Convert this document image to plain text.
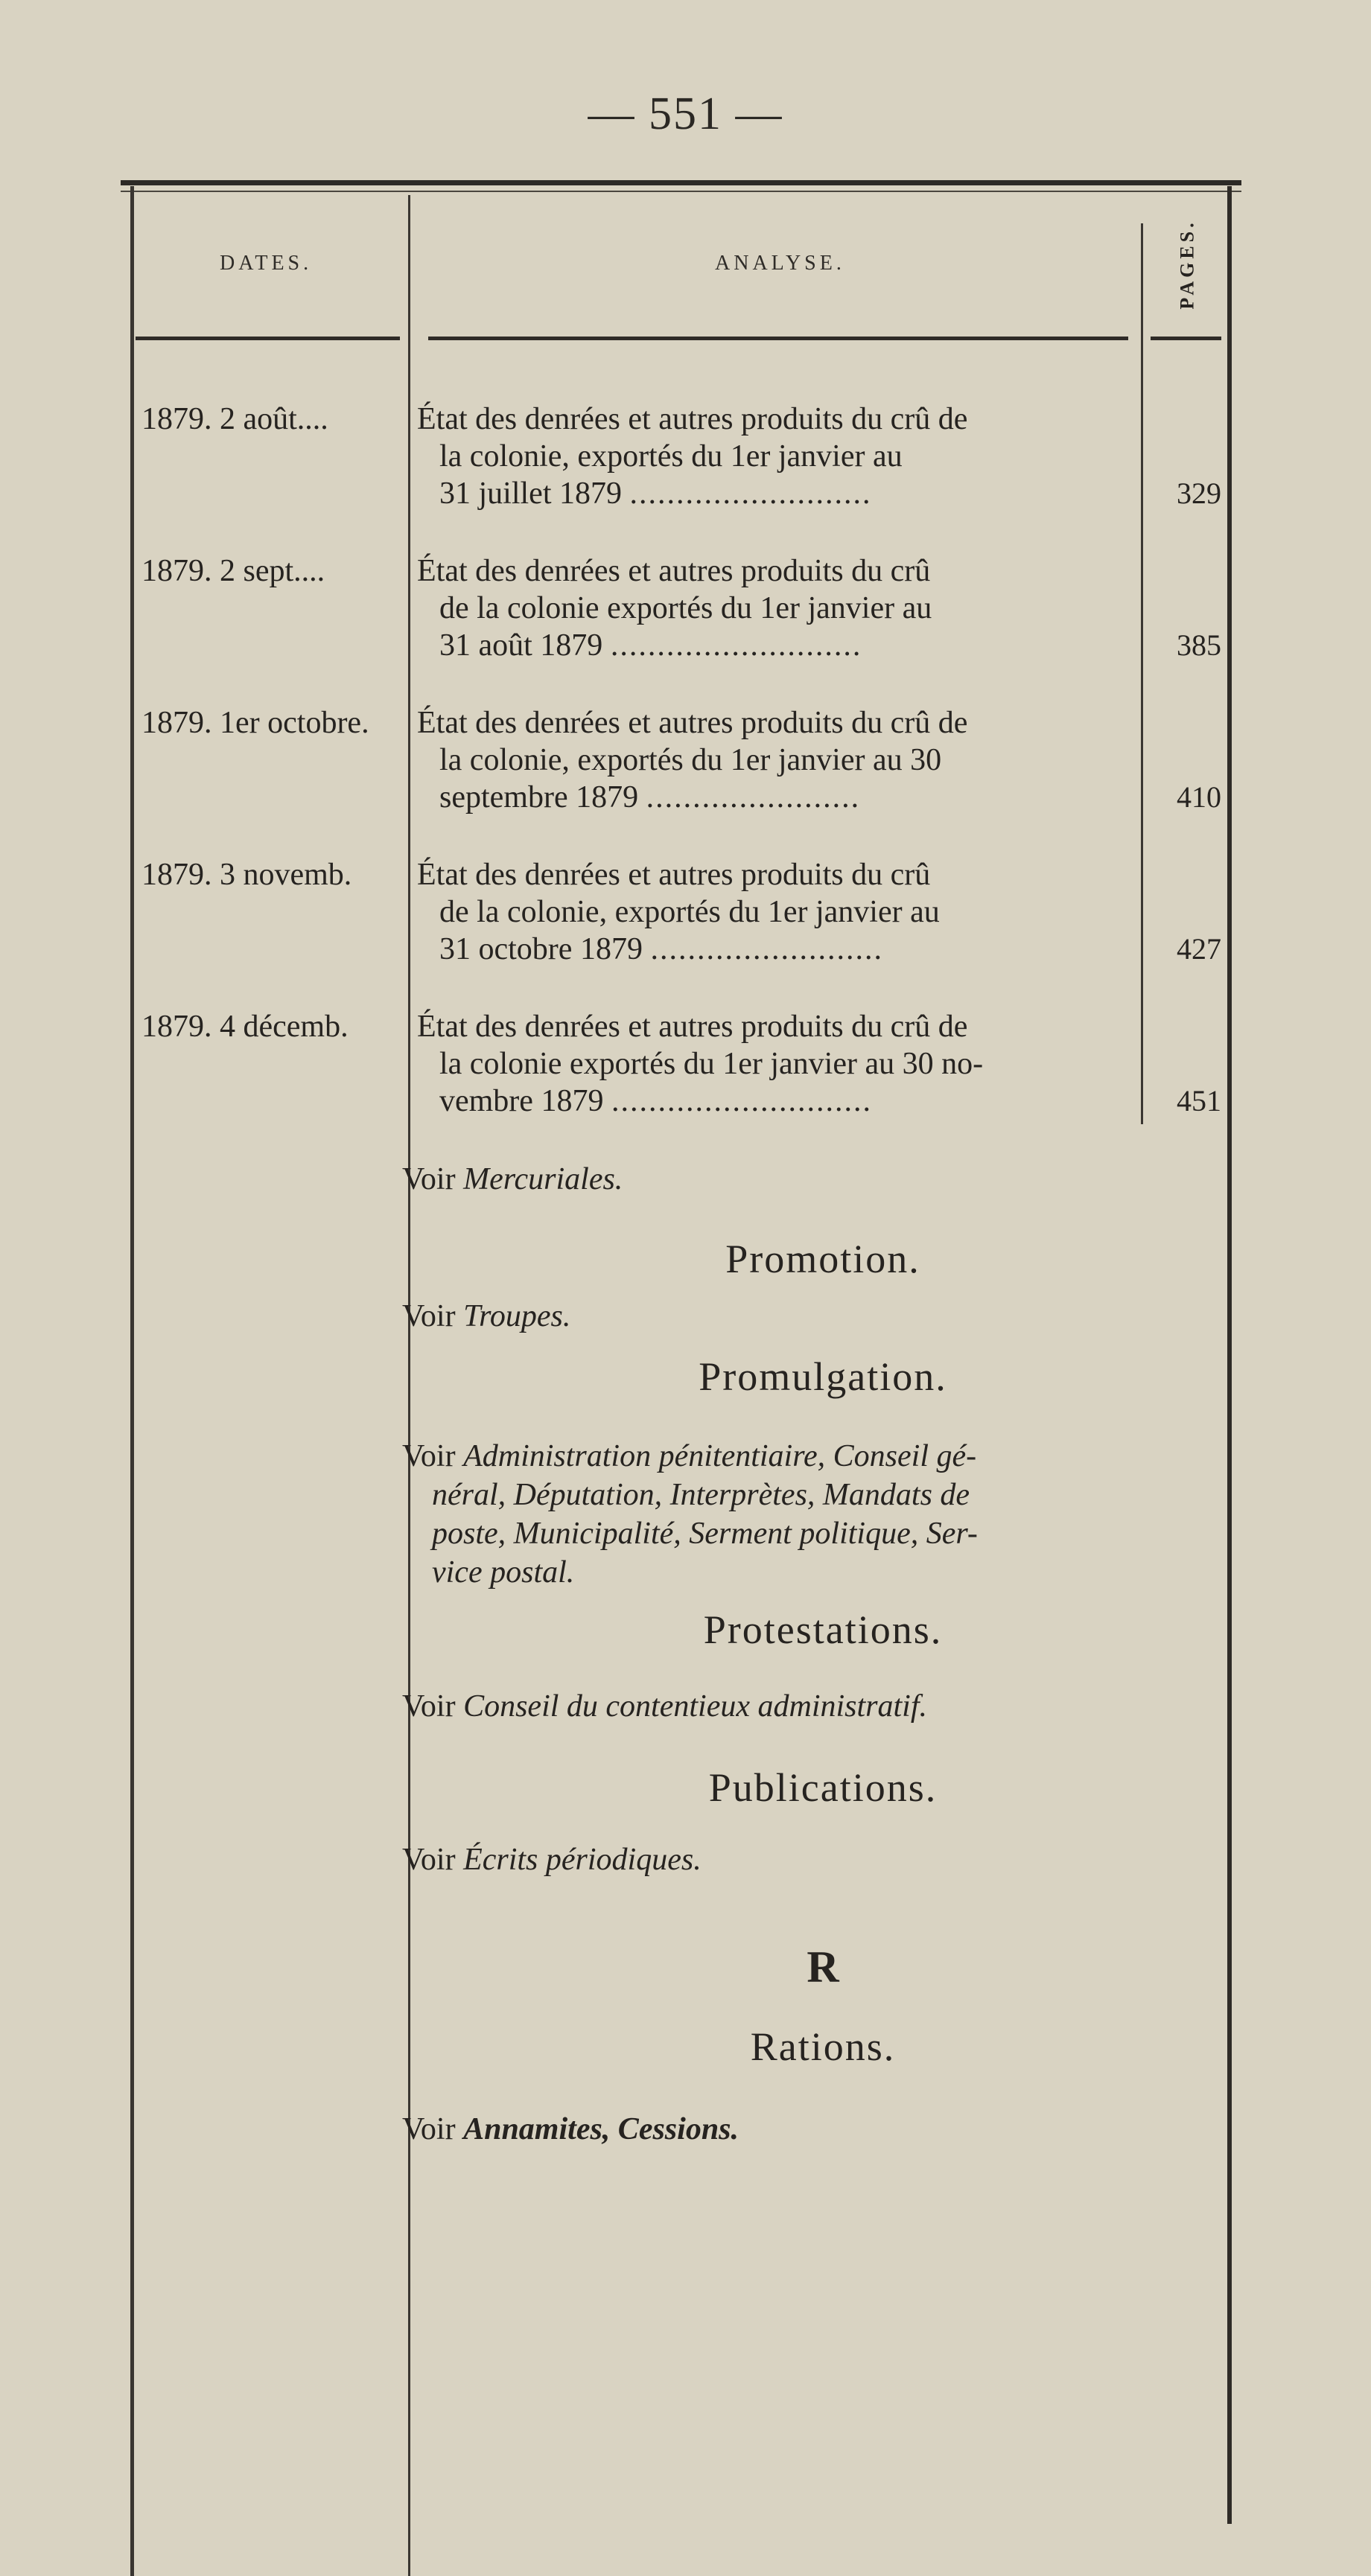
— 551 —
DATES.	ANALYSE.	PAGES.
1879. 2 août....	État des denrées et autres produits du crû de
la colonie, exportés du 1er janvier au
31 juillet 1879 ..........................	329
1879. 2 sept....	État des denrées et autres produits du crû
de la colonie exportés du 1er janvier au
31 août 1879 ...........................	385
1879. 1er octobre.	État des denrées et autres produits du crû de
la colonie, exportés du 1er janvier au 30
septembre 1879 .......................	410
1879. 3 novemb.	État des denrées et autres produits du crû
de la colonie, exportés du 1er janvier au
31 octobre 1879 .........................	427
1879. 4 décemb.	État des denrées et autres produits du crû de
la colonie exportés du 1er janvier au 30 no-
vembre 1879 ............................	451
Voir Mercuriales.
Promotion.
Voir Troupes.
Promulgation.
Voir Administration pénitentiaire, Conseil gé-
néral, Députation, Interprètes, Mandats de
poste, Municipalité, Serment politique, Ser-
vice postal.
Protestations.
Voir Conseil du contentieux administratif.
Publications.
Voir Écrits périodiques.
R
Rations.
Voir Annamites, Cessions.
